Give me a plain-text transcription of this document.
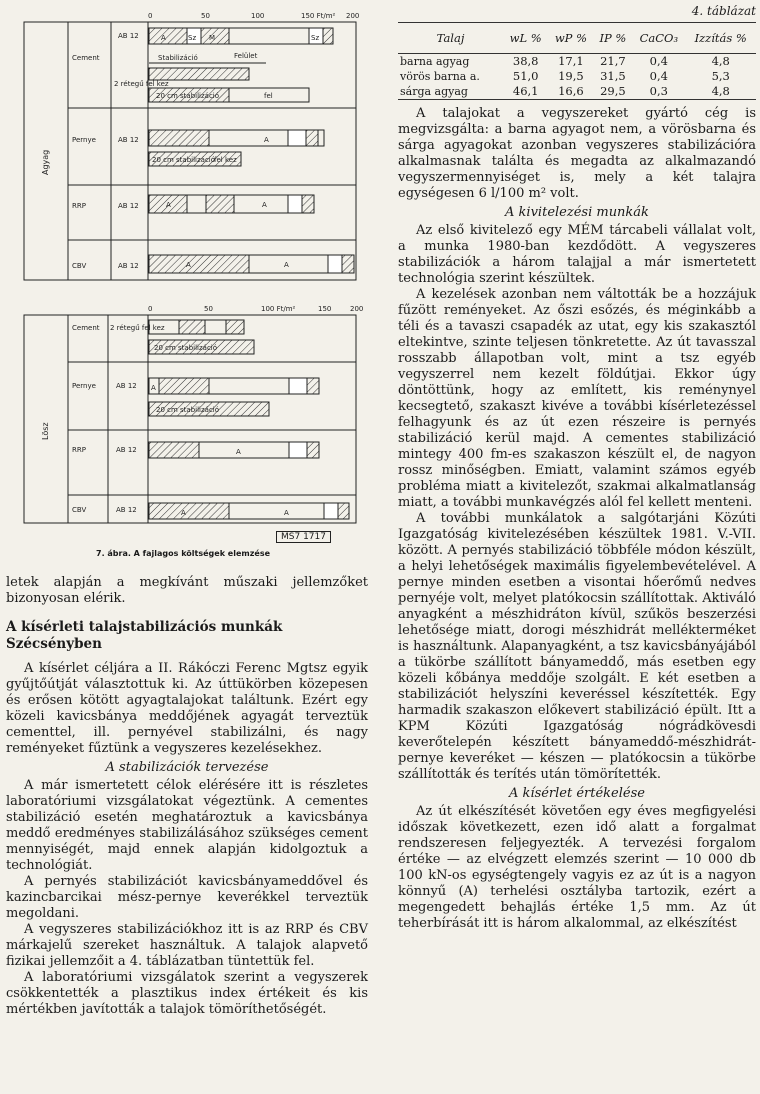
0	50	100	150 Ft/m² 200
Agyag
Cement
Pernye
RRP
CBV
AB 12
2 rétegű fel kez
AB 12
AB 12
AB 12
A	Sz M	Sz
Stabilizáció	Felület
20 cm stabilizáció	fel
A
20 cm stabilizáció
fel kez
A	A
A	A
0	50	100 Ft/m²	150	200
Lösz
Cement
Pernye
RRP
CBV
2 rétegű fel kez
AB 12
AB 12
AB 12
20 cm stabilizáció
A
20 cm stabilizáció
A
A	A
MS7 1717
7. ábra. A fajlagos költségek elemzése

letek alapján a megkívánt műszaki jellemzőket bizonyosan elérik.

A kísérleti talajstabilizációs munkák Szécsényben

A kísérlet céljára a II. Rákóczi Ferenc Mgtsz egyik gyűjtőútját választottuk ki. Az úttükörben közepesen és erősen kötött agyagtalajokat találtunk. Ezért egy közeli kavicsbánya meddőjének agyagát terveztük cementtel, ill. pernyével stabilizálni, és nagy reményeket fűztünk a vegyszeres kezelésekhez.

A stabilizációk tervezése

A már ismertetett célok elérésére itt is részletes laboratóriumi vizsgálatokat végeztünk. A cementes stabilizáció esetén meghatároztuk a kavicsbánya meddő eredményes stabilizálásához szükséges cement mennyiségét, majd ennek alapján kidolgoztuk a technológiát.

A pernyés stabilizációt kavicsbányameddővel és kazincbarcikai mész-pernye keverékkel terveztük megoldani.

A vegyszeres stabilizációkhoz itt is az RRP és CBV márkajelű szereket használtuk. A talajok alapvető fizikai jellemzőit a 4. táblázatban tüntettük fel.

A laboratóriumi vizsgálatok szerint a vegyszerek csökkentették a plasztikus index értékeit és kis mértékben javították a talajok tömöríthetőségét.

4. táblázat
Talaj	wL %	wP %	IP %	CaCO₃	Izzítás %
barna agyag	38,8	17,1	21,7	0,4	4,8
vörös barna a.	51,0	19,5	31,5	0,4	5,3
sárga agyag	46,1	16,6	29,5	0,3	4,8

A talajokat a vegyszereket gyártó cég is megvizsgálta: a barna agyagot nem, a vörösbarna és sárga agyagokat azonban vegyszeres stabilizációra alkalmasnak találta és megadta az alkalmazandó vegyszermennyiséget is, mely a két talajra egységesen 6 l/100 m² volt.

A kivitelezési munkák

Az első kivitelező egy MÉM tárcabeli vállalat volt, a munka 1980-ban kezdődött. A vegyszeres stabilizációk a három talajjal a már ismertetett technológia szerint készültek.

A kezelések azonban nem váltották be a hozzájuk fűzött reményeket. Az őszi esőzés, és méginkább a téli és a tavaszi csapadék az utat, egy kis szakasztól eltekintve, szinte teljesen tönkretette. Az út tavasszal rosszabb állapotban volt, mint a tsz egyéb vegyszerrel nem kezelt földútjai. Ekkor úgy döntöttünk, hogy az említett, kis reménynyel kecsegtető, szakaszt kivéve a további kísérletezéssel felhagyunk és az út ezen részeire is pernyés stabilizáció kerül majd. A cementes stabilizáció mintegy 400 fm-es szakaszon készült el, de nagyon rossz minőségben. Emiatt, valamint számos egyéb probléma miatt a kivitelezőt, szakmai alkalmatlanság miatt, a további munkavégzés alól fel kellett menteni.

A további munkálatok a salgótarjáni Közúti Igazgatóság kivitelezésében készültek 1981. V.-VII. között. A pernyés stabilizáció többféle módon készült, a helyi lehetőségek maximális figyelembevételével. A pernye minden esetben a visontai hőerőmű nedves pernyéje volt, melyet platókocsin szállítottak. Aktiváló anyagként a mészhidráton kívül, szűkös beszerzési lehetősége miatt, dorogi mészhidrát mellékterméket is használtunk. Alapanyagként, a tsz kavicsbányájából a tükörbe szállított bányameddő, más esetben egy közeli kőbánya meddője szolgált. E két esetben a stabilizációt helyszíni keveréssel készítették. Egy harmadik szakaszon előkevert stabilizáció épült. Itt a KPM Közúti Igazgatóság nógrádkövesdi keverőtelepén készített bányameddő-mészhidrát-pernye keveréket — készen — platókocsin a tükörbe szállították és terítés után tömörítették.

A kísérlet értékelése

Az út elkészítését követően egy éves megfigyelési időszak következett, ezen idő alatt a forgalmat rendszeresen feljegyezték. A tervezési forgalom értéke — az elvégzett elemzés szerint — 10 000 db 100 kN-os egységtengely vagyis ez az út is a nagyon könnyű (A) terhelési osztályba tartozik, ezért a megengedett behajlás értéke 1,5 mm. Az út teherbírását itt is három alkalommal, az elkészítést
